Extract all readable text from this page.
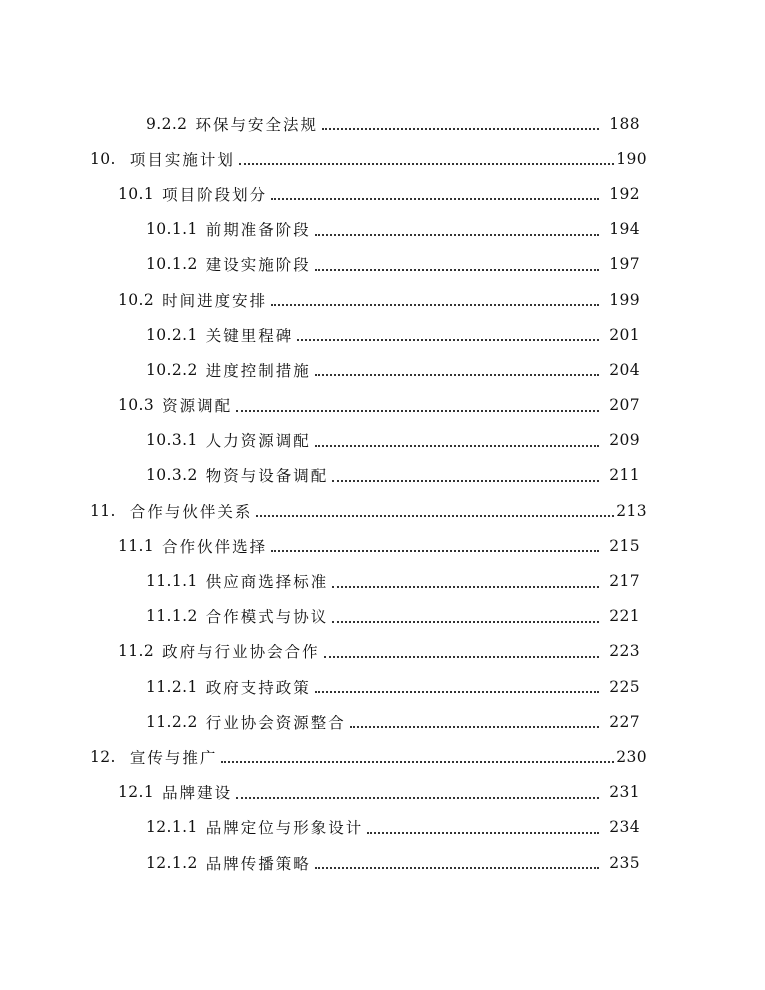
9.2.2 环保与安全法规	188
10. 项目实施计划	190
10.1 项目阶段划分	192
10.1.1 前期准备阶段	194
10.1.2 建设实施阶段	197
10.2 时间进度安排	199
10.2.1 关键里程碑	201
10.2.2 进度控制措施	204
10.3 资源调配	207
10.3.1 人力资源调配	209
10.3.2 物资与设备调配	211
11. 合作与伙伴关系	213
11.1 合作伙伴选择	215
11.1.1 供应商选择标准	217
11.1.2 合作模式与协议	221
11.2 政府与行业协会合作	223
11.2.1 政府支持政策	225
11.2.2 行业协会资源整合	227
12. 宣传与推广	230
12.1 品牌建设	231
12.1.1 品牌定位与形象设计	234
12.1.2 品牌传播策略	235
